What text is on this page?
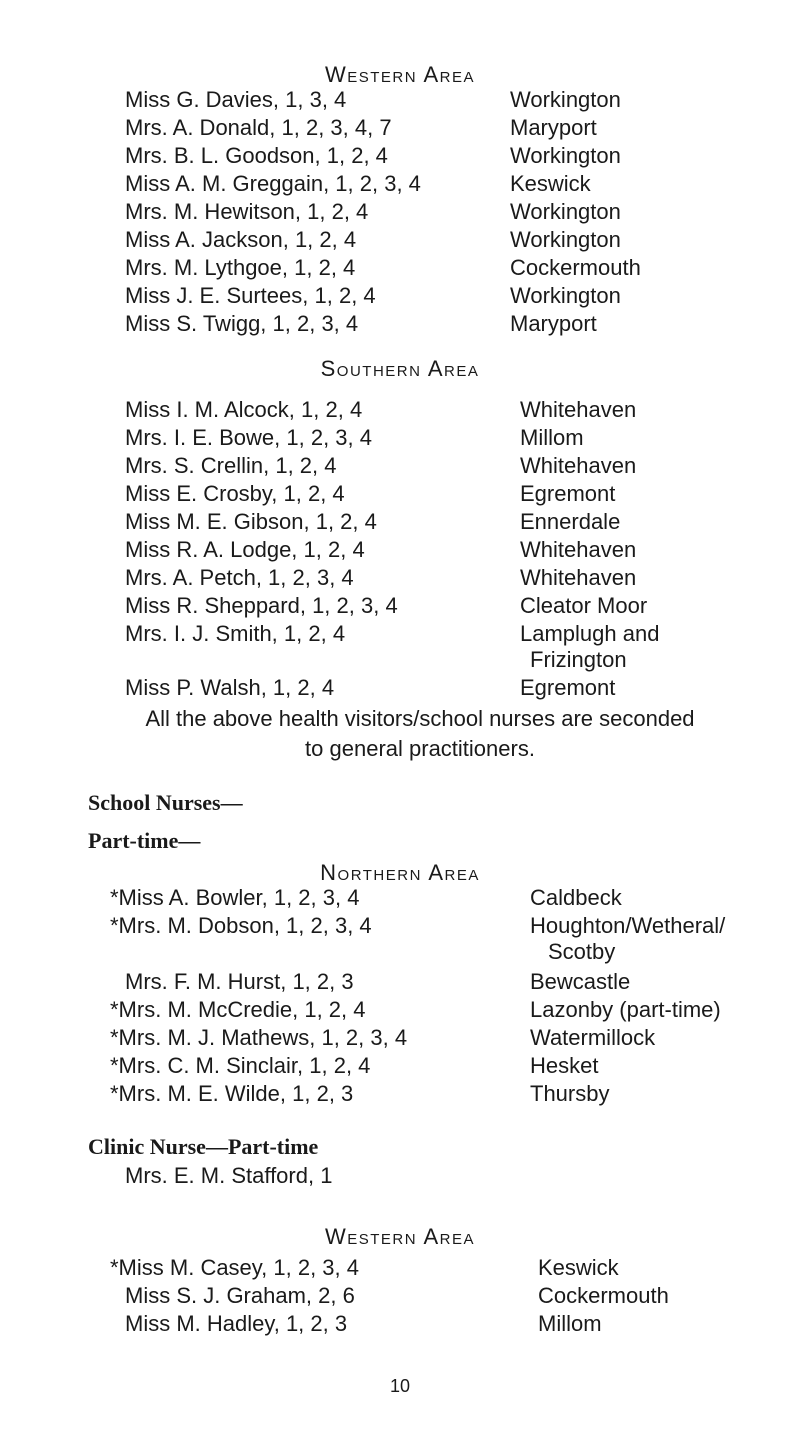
Western Area
Miss G. Davies, 1, 3, 4	Workington
Mrs. A. Donald, 1, 2, 3, 4, 7	Maryport
Mrs. B. L. Goodson, 1, 2, 4	Workington
Miss A. M. Greggain, 1, 2, 3, 4	Keswick
Mrs. M. Hewitson, 1, 2, 4	Workington
Miss A. Jackson, 1, 2, 4	Workington
Mrs. M. Lythgoe, 1, 2, 4	Cockermouth
Miss J. E. Surtees, 1, 2, 4	Workington
Miss S. Twigg, 1, 2, 3, 4	Maryport
Southern Area
Miss I. M. Alcock, 1, 2, 4	Whitehaven
Mrs. I. E. Bowe, 1, 2, 3, 4	Millom
Mrs. S. Crellin, 1, 2, 4	Whitehaven
Miss E. Crosby, 1, 2, 4	Egremont
Miss M. E. Gibson, 1, 2, 4	Ennerdale
Miss R. A. Lodge, 1, 2, 4	Whitehaven
Mrs. A. Petch, 1, 2, 3, 4	Whitehaven
Miss R. Sheppard, 1, 2, 3, 4	Cleator Moor
Mrs. I. J. Smith, 1, 2, 4	Lamplugh and
Frizington
Miss P. Walsh, 1, 2, 4	Egremont
All the above health visitors/school nurses are seconded
to general practitioners.
School Nurses—
Part-time—
Northern Area
*Miss A. Bowler, 1, 2, 3, 4	Caldbeck
*Mrs. M. Dobson, 1, 2, 3, 4	Houghton/Wetheral/
Scotby
Mrs. F. M. Hurst, 1, 2, 3	Bewcastle
*Mrs. M. McCredie, 1, 2, 4	Lazonby (part-time)
*Mrs. M. J. Mathews, 1, 2, 3, 4	Watermillock
*Mrs. C. M. Sinclair, 1, 2, 4	Hesket
*Mrs. M. E. Wilde, 1, 2, 3	Thursby
Clinic Nurse—Part-time
Mrs. E. M. Stafford, 1
Western Area
*Miss M. Casey, 1, 2, 3, 4	Keswick
Miss S. J. Graham, 2, 6	Cockermouth
Miss M. Hadley, 1, 2, 3	Millom
10
